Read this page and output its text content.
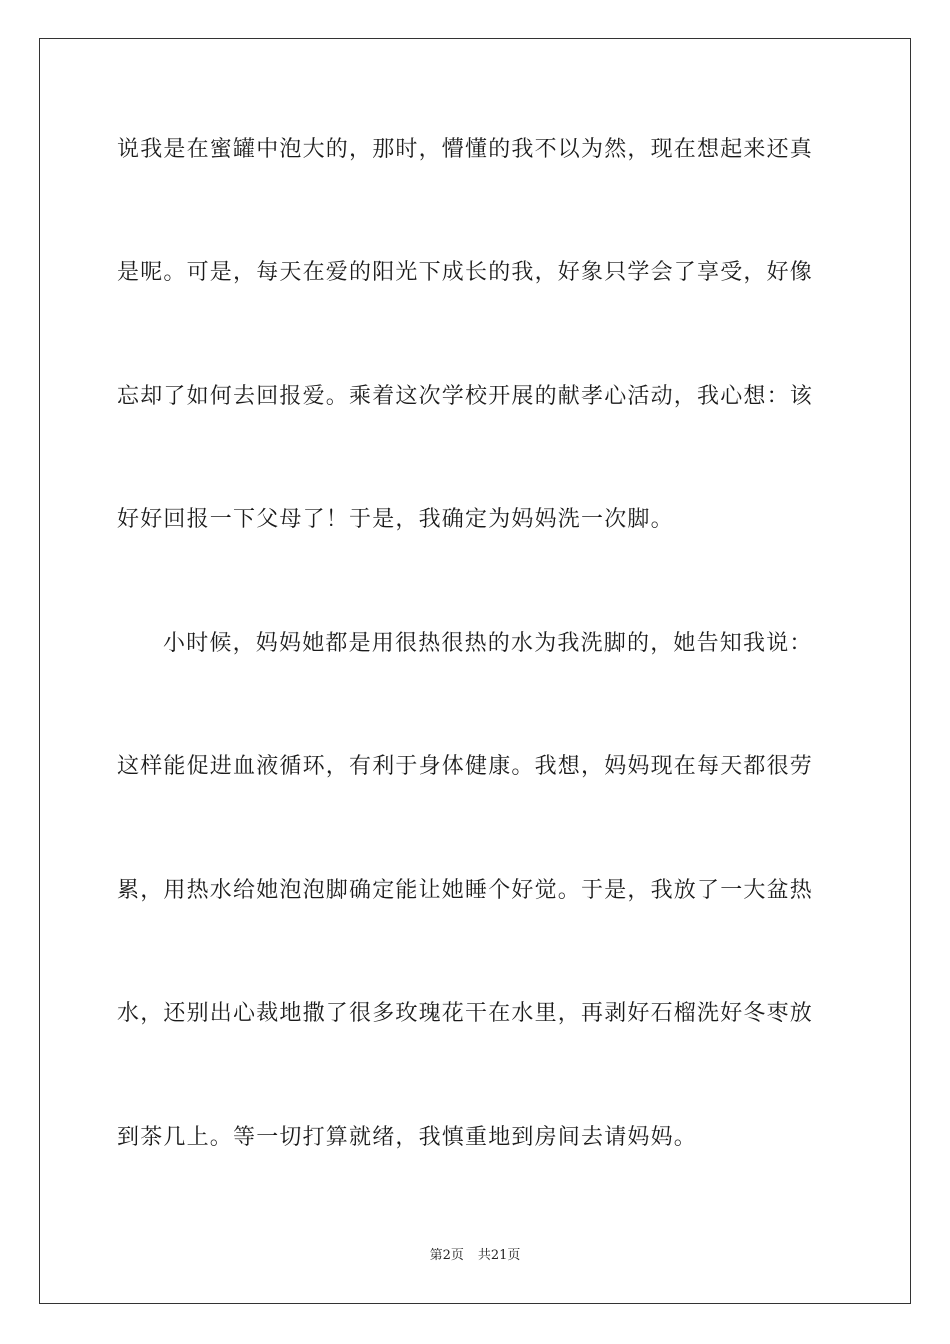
说我是在蜜罐中泡大的，那时，懵懂的我不以为然，现在想起来还真
是呢。可是，每天在爱的阳光下成长的我，好象只学会了享受，好像
忘却了如何去回报爱。乘着这次学校开展的献孝心活动，我心想：该
好好回报一下父母了！于是，我确定为妈妈洗一次脚。
小时候，妈妈她都是用很热很热的水为我洗脚的，她告知我说：
这样能促进血液循环，有利于身体健康。我想，妈妈现在每天都很劳
累，用热水给她泡泡脚确定能让她睡个好觉。于是，我放了一大盆热
水，还别出心裁地撒了很多玫瑰花干在水里，再剥好石榴洗好冬枣放
到茶几上。等一切打算就绪，我慎重地到房间去请妈妈。
第2页 共21页
